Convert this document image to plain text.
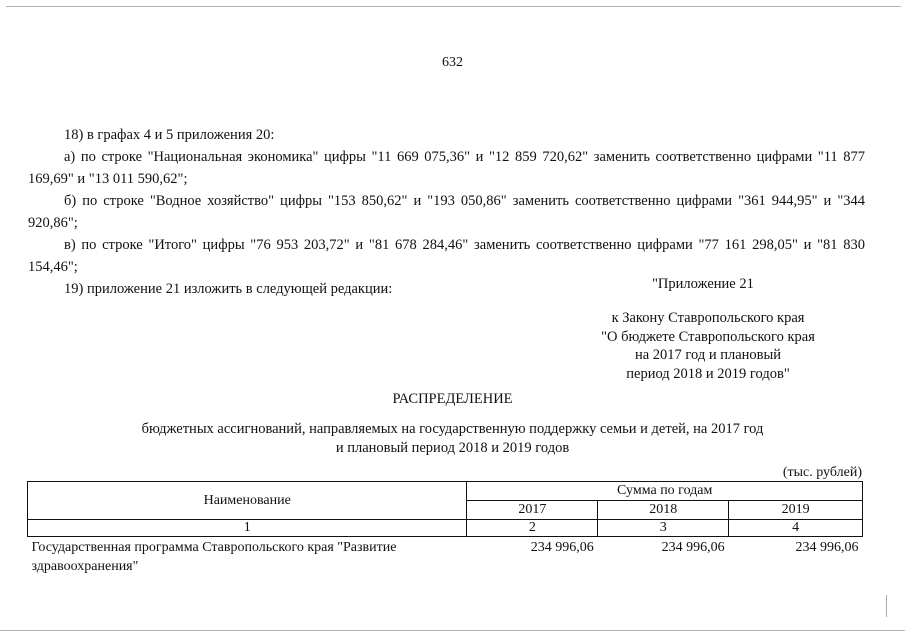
632
18) в графах 4 и 5 приложения 20:
а) по строке "Национальная экономика" цифры "11 669 075,36" и "12 859 720,62" заменить соответственно цифрами "11 877 169,69" и "13 011 590,62";
б) по строке "Водное хозяйство" цифры "153 850,62" и "193 050,86" заменить соответственно цифрами "361 944,95" и "344 920,86";
в) по строке "Итого" цифры "76 953 203,72" и "81 678 284,46" заменить соответственно цифрами "77 161 298,05" и "81 830 154,46";
19) приложение 21 изложить в следующей редакции:	"Приложение 21
к Закону Ставропольского края
"О бюджете Ставропольского края
на 2017 год и плановый
период 2018 и 2019 годов"
РАСПРЕДЕЛЕНИЕ
бюджетных ассигнований, направляемых на государственную поддержку семьи и детей, на 2017 год
и плановый период 2018 и 2019 годов
(тыс. рублей)
Наименование	Сумма по годам		
	2017	2018	2019
1	2	3	4
Государственная программа Ставропольского края "Развитие здравоохранения"	234 996,06	234 996,06	234 996,06
